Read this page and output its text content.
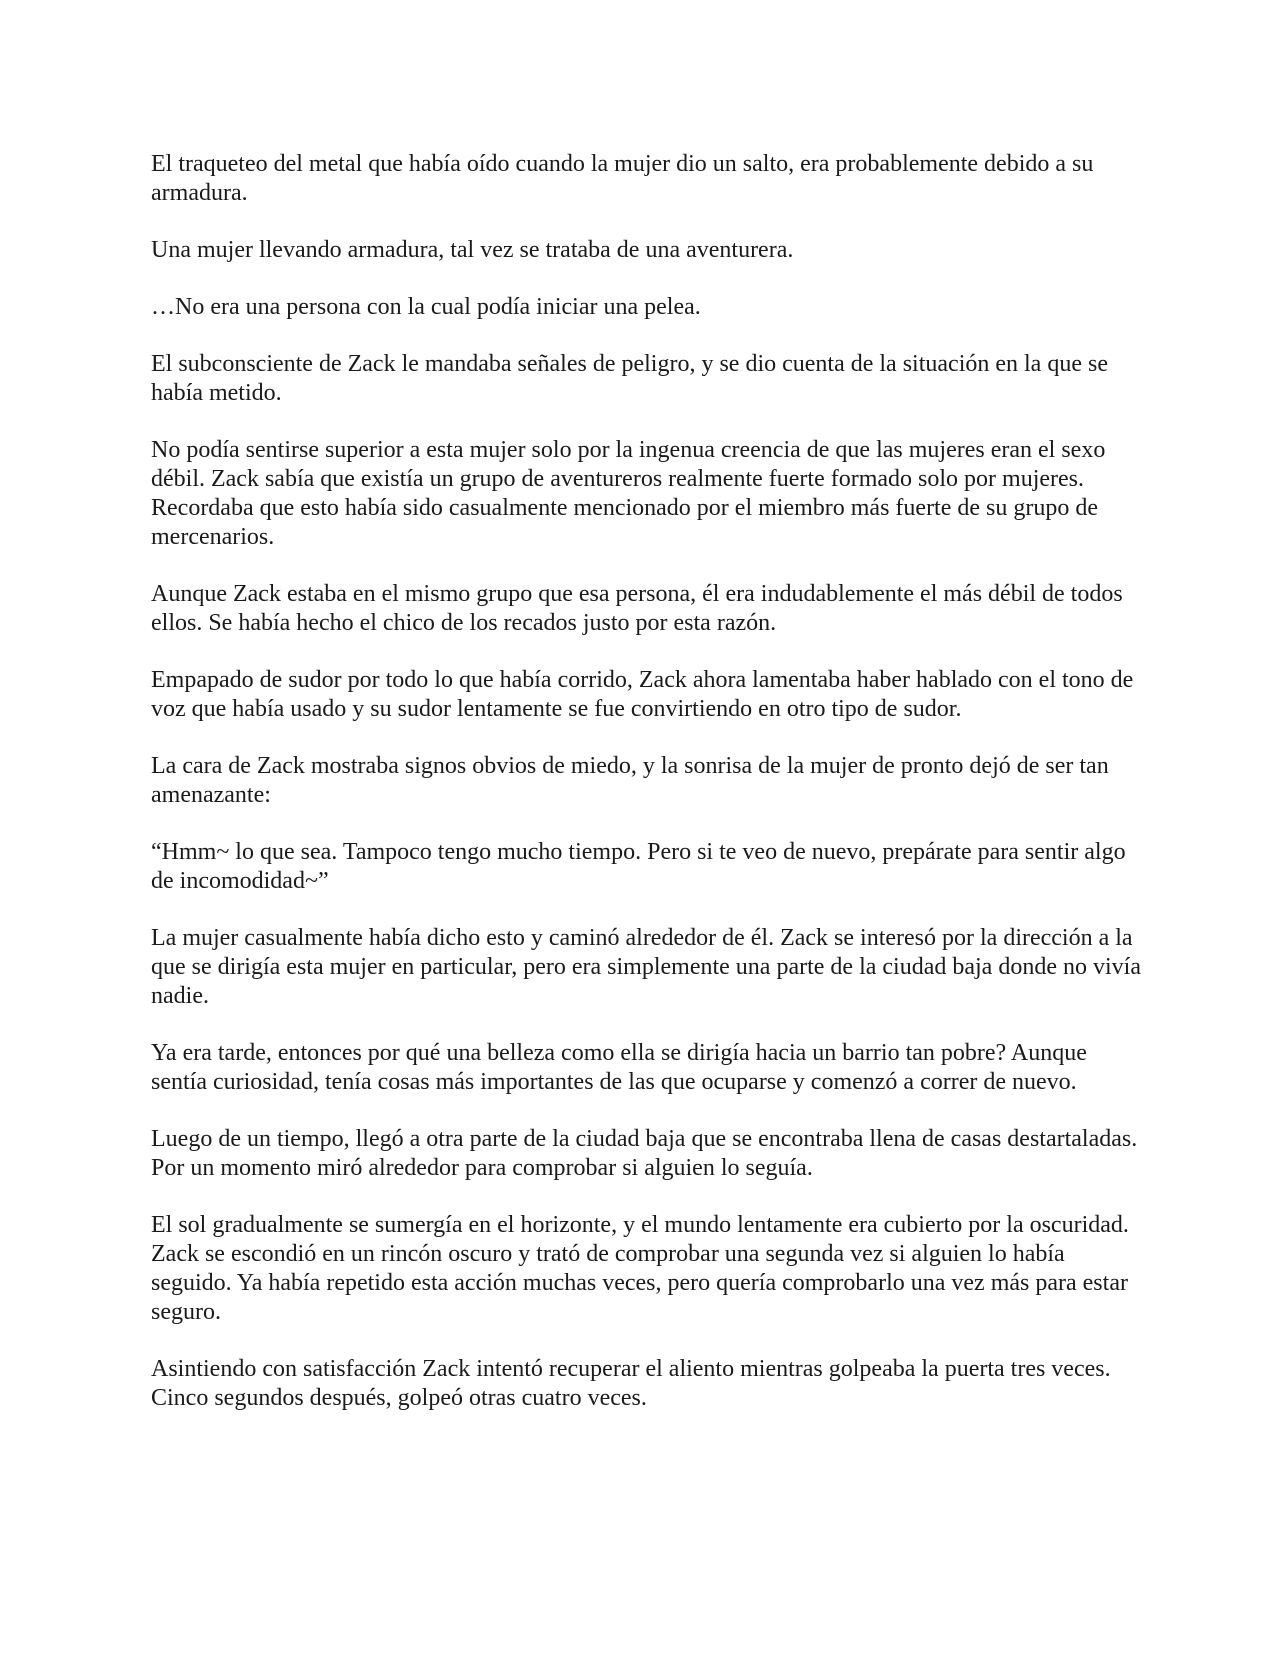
El traqueteo del metal que había oído cuando la mujer dio un salto, era probablemente debido a su armadura.

Una mujer llevando armadura, tal vez se trataba de una aventurera.

…No era una persona con la cual podía iniciar una pelea.

El subconsciente de Zack le mandaba señales de peligro, y se dio cuenta de la situación en la que se había metido.

No podía sentirse superior a esta mujer solo por la ingenua creencia de que las mujeres eran el sexo débil. Zack sabía que existía un grupo de aventureros realmente fuerte formado solo por mujeres. Recordaba que esto había sido casualmente mencionado por el miembro más fuerte de su grupo de mercenarios.

Aunque Zack estaba en el mismo grupo que esa persona, él era indudablemente el más débil de todos ellos. Se había hecho el chico de los recados justo por esta razón.

Empapado de sudor por todo lo que había corrido, Zack ahora lamentaba haber hablado con el tono de voz que había usado y su sudor lentamente se fue convirtiendo en otro tipo de sudor.

La cara de Zack mostraba signos obvios de miedo, y la sonrisa de la mujer de pronto dejó de ser tan amenazante:

“Hmm~ lo que sea. Tampoco tengo mucho tiempo. Pero si te veo de nuevo, prepárate para sentir algo de incomodidad~”

La mujer casualmente había dicho esto y caminó alrededor de él. Zack se interesó por la dirección a la que se dirigía esta mujer en particular, pero era simplemente una parte de la ciudad baja donde no vivía nadie.

Ya era tarde, entonces por qué una belleza como ella se dirigía hacia un barrio tan pobre? Aunque sentía curiosidad, tenía cosas más importantes de las que ocuparse y comenzó a correr de nuevo.

Luego de un tiempo, llegó a otra parte de la ciudad baja que se encontraba llena de casas destartaladas. Por un momento miró alrededor para comprobar si alguien lo seguía.

El sol gradualmente se sumergía en el horizonte, y el mundo lentamente era cubierto por la oscuridad. Zack se escondió en un rincón oscuro y trató de comprobar una segunda vez si alguien lo había seguido. Ya había repetido esta acción muchas veces, pero quería comprobarlo una vez más para estar seguro.

Asintiendo con satisfacción Zack intentó recuperar el aliento mientras golpeaba la puerta tres veces. Cinco segundos después, golpeó otras cuatro veces.
